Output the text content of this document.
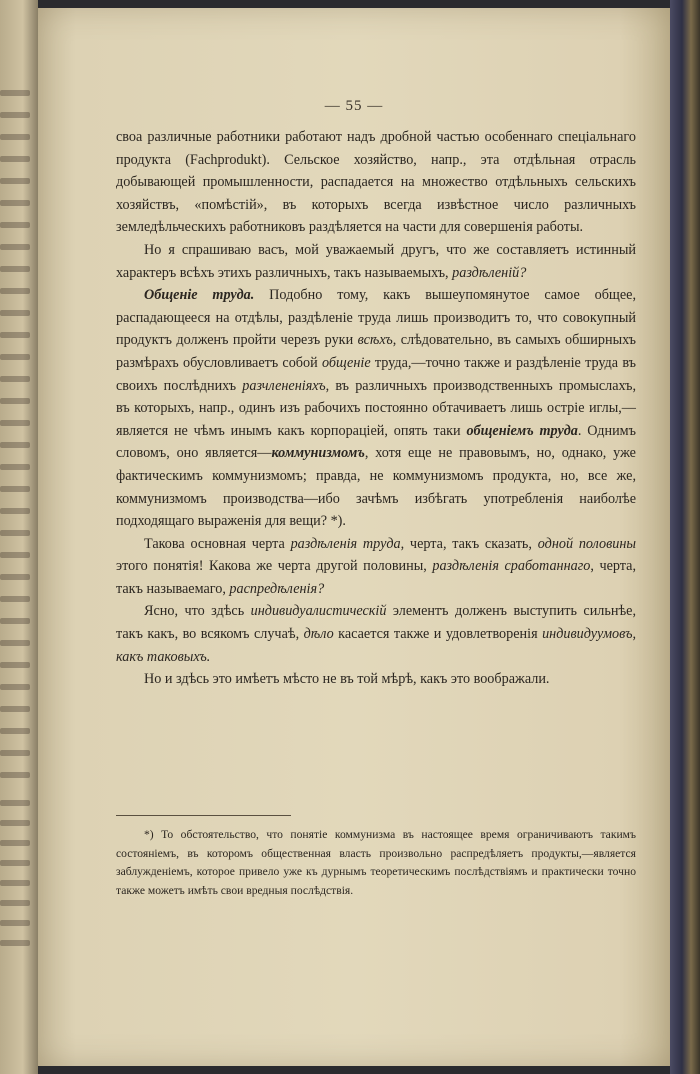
— 55 —

своа различные работники работают надъ дробной частью особеннаго спеціальнаго продукта (Fachprodukt). Сельское хозяйство, напр., эта отдѣльная отрасль добывающей промышленности, распадается на множество отдѣльныхъ сельскихъ хозяйствъ, «помѣстій», въ которыхъ всегда извѣстное число различныхъ земледѣльческихъ работниковъ раздѣляется на части для совершенія работы.

Но я спрашиваю васъ, мой уважаемый другъ, что же составляетъ истинный характеръ всѣхъ этихъ различныхъ, такъ называемыхъ, раздѣленій?

Общеніе труда. Подобно тому, какъ вышеупомянутое самое общее, распадающееся на отдѣлы, раздѣленіе труда лишь производитъ то, что совокупный продуктъ долженъ пройти черезъ руки всѣхъ, слѣдовательно, въ самыхъ обширныхъ размѣрахъ обусловливаетъ собой общеніе труда,—точно также и раздѣленіе труда въ своихъ послѣднихъ разчлененіяхъ, въ различныхъ производственныхъ промыслахъ, въ которыхъ, напр., одинъ изъ рабочихъ постоянно обтачиваетъ лишь острie иглы,—является не чѣмъ инымъ какъ корпораціей, опять таки общеніемъ труда. Однимъ словомъ, оно является—коммунизмомъ, хотя еще не правовымъ, но, однако, уже фактическимъ коммунизмомъ; правда, не коммунизмомъ продукта, но, все же, коммунизмомъ производства—ибо зачѣмъ избѣгать употребленія наиболѣе подходящаго выраженія для вещи? *).

Такова основная черта раздѣленія труда, черта, такъ сказать, одной половины этого понятія! Какова же черта другой половины, раздѣленія сработаннаго, черта, такъ называемаго, распредѣленія?

Ясно, что здѣсь индивидуалистическій элементъ долженъ выступить сильнѣе, такъ какъ, во всякомъ случаѣ, дѣло касается также и удовлетворенія индивидуумовъ, какъ таковыхъ.

Но и здѣсь это имѣетъ мѣсто не въ той мѣрѣ, какъ это воображали.

*) То обстоятельство, что понятіе коммунизма въ настоящее время ограничиваютъ такимъ состояніемъ, въ которомъ общественная власть произвольно распредѣляетъ продукты,—является заблужденіемъ, которое привело уже къ дурнымъ теоретическимъ послѣдствіямъ и практически точно также можетъ имѣть свои вредныя послѣдствія.
